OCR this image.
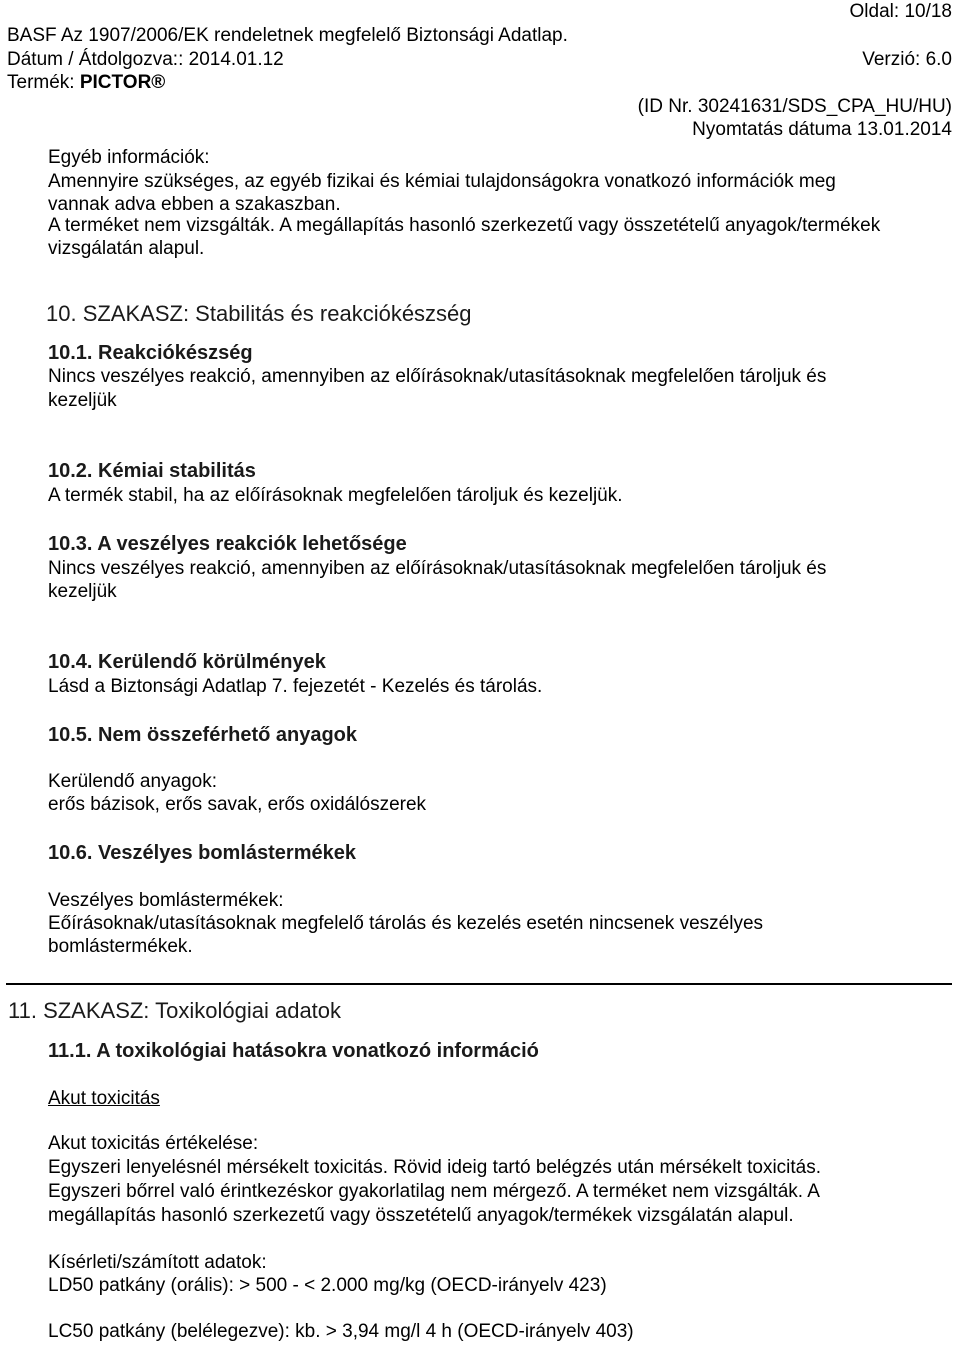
Oldal: 10/18
BASF Az 1907/2006/EK rendeletnek megfelelő Biztonsági Adatlap.
Dátum / Átdolgozva:: 2014.01.12	Verzió: 6.0
Termék: PICTOR®
(ID Nr. 30241631/SDS_CPA_HU/HU)
Nyomtatás dátuma 13.01.2014
Egyéb információk:
Amennyire szükséges, az egyéb fizikai és kémiai tulajdonságokra vonatkozó információk meg
vannak adva ebben a szakaszban.
A terméket nem vizsgálták. A megállapítás hasonló szerkezetű vagy összetételű anyagok/termékek
vizsgálatán alapul.
10. SZAKASZ: Stabilitás és reakciókészség
10.1. Reakciókészség
Nincs veszélyes reakció, amennyiben az előírásoknak/utasításoknak megfelelően tároljuk és
kezeljük
10.2. Kémiai stabilitás
A termék stabil, ha az előírásoknak megfelelően tároljuk és kezeljük.
10.3. A veszélyes reakciók lehetősége
Nincs veszélyes reakció, amennyiben az előírásoknak/utasításoknak megfelelően tároljuk és
kezeljük
10.4. Kerülendő körülmények
Lásd a Biztonsági Adatlap 7. fejezetét - Kezelés és tárolás.
10.5. Nem összeférhető anyagok
Kerülendő anyagok:
erős bázisok, erős savak, erős oxidálószerek
10.6. Veszélyes bomlástermékek
Veszélyes bomlástermékek:
Eőírásoknak/utasításoknak megfelelő tárolás és kezelés esetén nincsenek veszélyes
bomlástermékek.
11. SZAKASZ: Toxikológiai adatok
11.1. A toxikológiai hatásokra vonatkozó információ
Akut toxicitás
Akut toxicitás értékelése:
Egyszeri lenyelésnél mérsékelt toxicitás. Rövid ideig tartó belégzés után mérsékelt toxicitás.
Egyszeri bőrrel való érintkezéskor gyakorlatilag nem mérgező. A terméket nem vizsgálták. A
megállapítás hasonló szerkezetű vagy összetételű anyagok/termékek vizsgálatán alapul.
Kísérleti/számított adatok:
LD50 patkány (orális): > 500 - < 2.000 mg/kg (OECD-irányelv 423)
LC50 patkány (belélegezve): kb. > 3,94 mg/l 4 h (OECD-irányelv 403)
